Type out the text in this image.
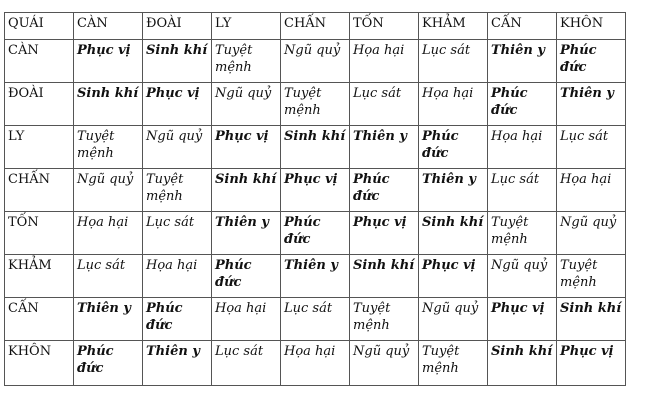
QUÁI	CÀN	ĐOÀI	LY	CHẤN	TỐN	KHẢM	CẤN	KHÔN
CÀN	Phục vị	Sinh khí	Tuyệt mệnh	Ngũ quỷ	Họa hại	Lục sát	Thiên y	Phúc đức
ĐOÀI	Sinh khí	Phục vị	Ngũ quỷ	Tuyệt mệnh	Lục sát	Họa hại	Phúc đức	Thiên y
LY	Tuyệt mệnh	Ngũ quỷ	Phục vị	Sinh khí	Thiên y	Phúc đức	Họa hại	Lục sát
CHẤN	Ngũ quỷ	Tuyệt mệnh	Sinh khí	Phục vị	Phúc đức	Thiên y	Lục sát	Họa hại
TỐN	Họa hại	Lục sát	Thiên y	Phúc đức	Phục vị	Sinh khí	Tuyệt mệnh	Ngũ quỷ
KHẢM	Lục sát	Họa hại	Phúc đức	Thiên y	Sinh khí	Phục vị	Ngũ quỷ	Tuyệt mệnh
CẤN	Thiên y	Phúc đức	Họa hại	Lục sát	Tuyệt mệnh	Ngũ quỷ	Phục vị	Sinh khí
KHÔN	Phúc đức	Thiên y	Lục sát	Họa hại	Ngũ quỷ	Tuyệt mệnh	Sinh khí	Phục vị
